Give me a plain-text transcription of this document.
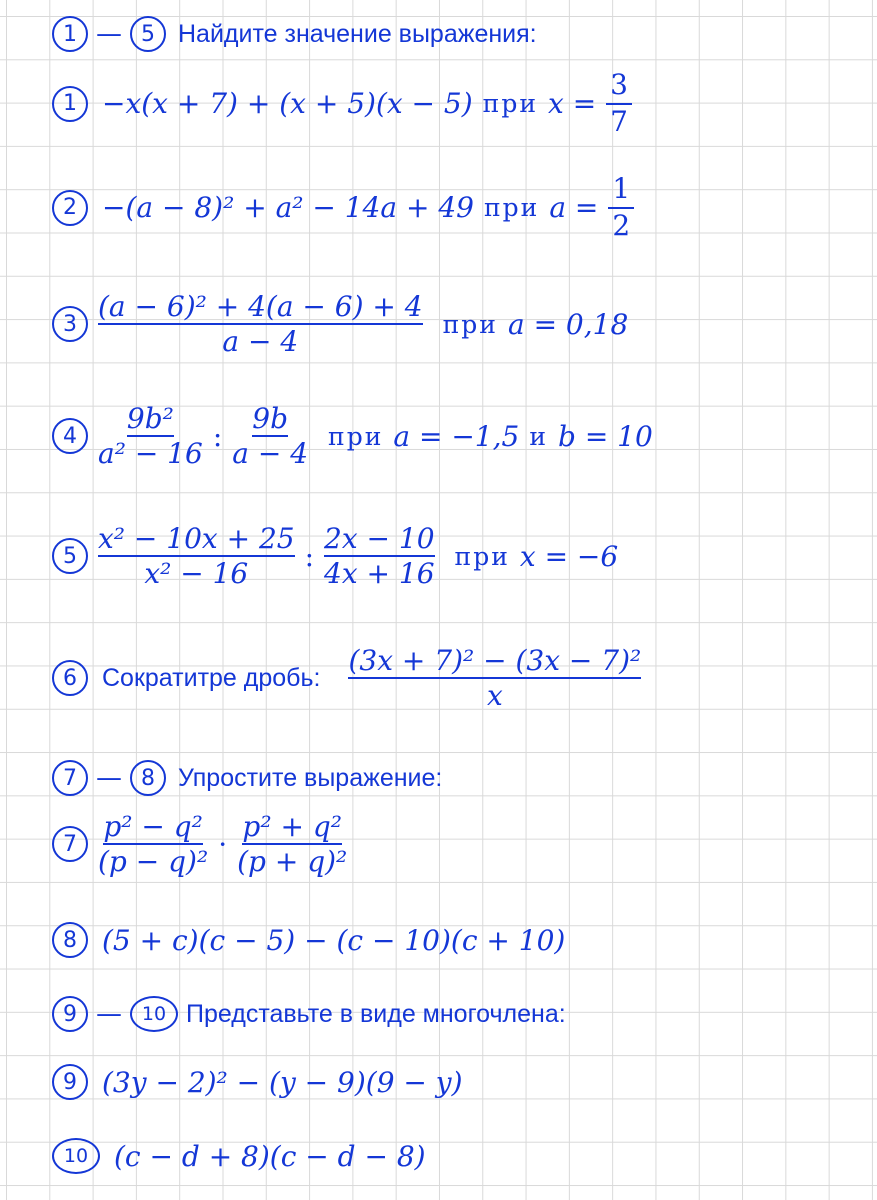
1 — 5 Найдите значение выражения:
1 −x(x + 7) + (x + 5)(x − 5) при $x = \frac{3}{7}$
2 −(a − 8)² + a² − 14a + 49 при $a = \frac{1}{2}$
$3 \frac{\text{(a − 6)² + 4(a − 6) + 4}}{a - 4}$ при a = 0,18
$4 \frac{\text{9b²}}{\text{a² − 16}}$ : $\frac{9b}{a - 4}$ при a = −1,5 и b = 10
$5 \frac{\text{x² − 10x + 25}}{\text{x² − 16}}$ : $\frac{2x - 10}{4x + 16}$ при x = −6
6	Сократитре дробь: $\frac{\text{(3x + 7)² − (3x − 7)²}}{x}$
7 — 8 Упростите выражение:
$7 \frac{\text{p² − q²}}{\text{(p − q)²}} \cdot \frac{\text{p² + q²}}{\text{(p + q)²}}$
8 (5 + c)(c − 5) − (c − 10)(c + 10)
9 —	10 Представьте в виде многочлена:
9 (3y − 2)² − (y − 9)(9 − y)
10 (c − d + 8)(c − d − 8)
